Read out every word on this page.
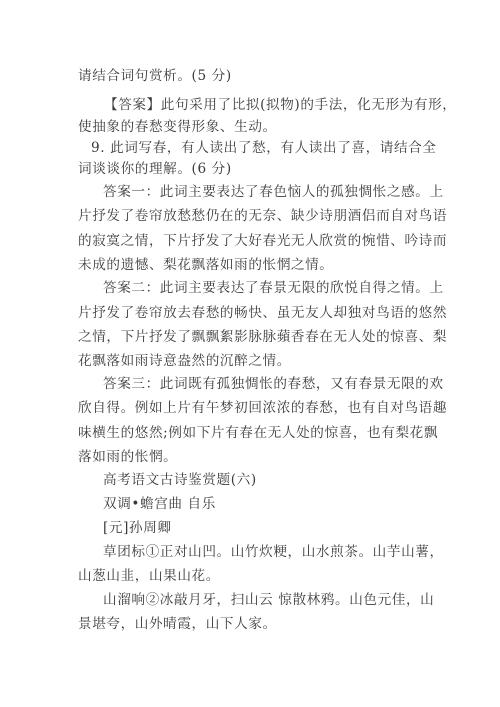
请结合词句赏析。(5 分)
【答案】此句采用了比拟(拟物)的手法，化无形为有形，
使抽象的春愁变得形象、生动。
9. 此词写春，有人读出了愁，有人读出了喜，请结合全
词谈谈你的理解。(6 分)
答案一：此词主要表达了春色恼人的孤独惆怅之感。上
片抒发了卷帘放愁愁仍在的无奈、缺少诗朋酒侣而自对鸟语
的寂寞之情，下片抒发了大好春光无人欣赏的惋惜、吟诗而
未成的遗憾、梨花飘落如雨的怅惘之情。
答案二：此词主要表达了春景无限的欣悦自得之情。上
片抒发了卷帘放去春愁的畅快、虽无友人却独对鸟语的悠然
之情，下片抒发了飘飘絮影脉脉蘋香春在无人处的惊喜、梨
花飘落如雨诗意盎然的沉醉之情。
答案三：此词既有孤独惆怅的春愁，又有春景无限的欢
欣自得。例如上片有午梦初回浓浓的春愁，也有自对鸟语趣
味横生的悠然;例如下片有春在无人处的惊喜，也有梨花飘
落如雨的怅惘。
高考语文古诗鉴赏题(六)
双调•蟾宫曲 自乐
[元]孙周卿
草团标①正对山凹。山竹炊粳，山水煎茶。山芋山薯，
山葱山韭，山果山花。
山溜响②冰敲月牙，扫山云 惊散林鸦。山色元佳，山
景堪夸，山外晴霞，山下人家。
